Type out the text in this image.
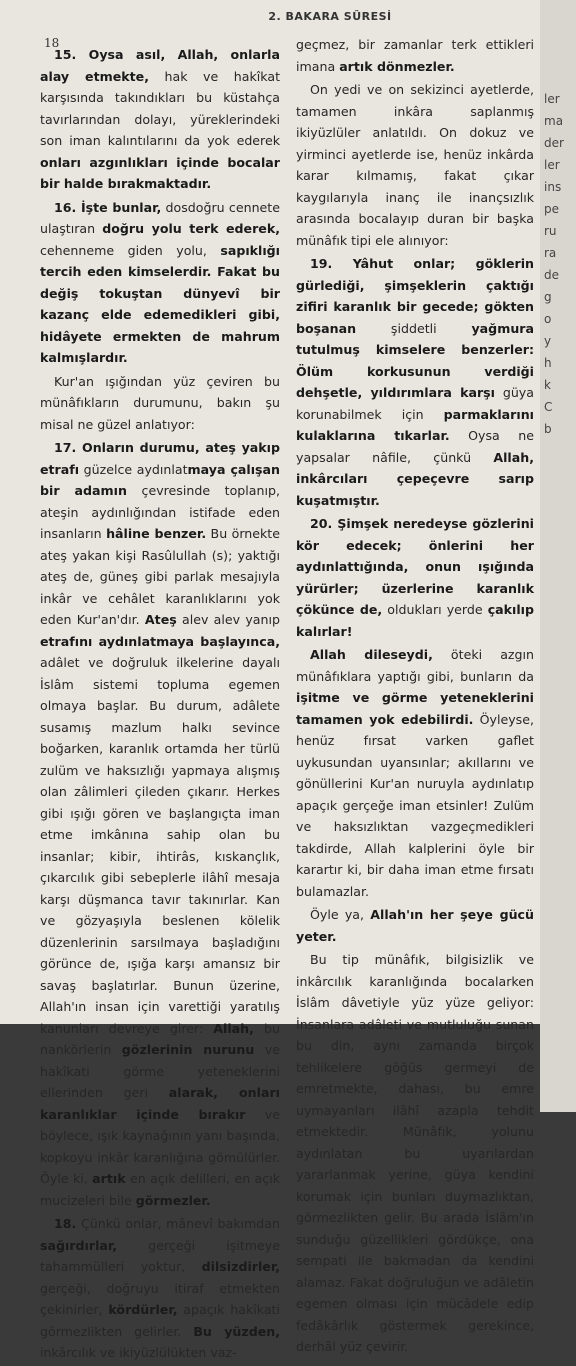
2. BAKARA SÛRESİ
18

15. Oysa asıl, Allah, onlarla alay etmekte, hak ve hakîkat karşısında takındıkları bu küstahça tavırlarından dolayı, yüreklerindeki son iman kalıntılarını da yok ederek onları azgınlıkları içinde bocalar bir halde bırakmaktadır.

16. İşte bunlar, dosdoğru cennete ulaştıran doğru yolu terk ederek, cehenneme giden yolu, sapıklığı tercih eden kimselerdir. Fakat bu değiş tokuştan dünyevî bir kazanç elde edemedikleri gibi, hidâyete ermekten de mahrum kalmışlardır.

Kur'an ışığından yüz çeviren bu münâfıkların durumunu, bakın şu misal ne güzel anlatıyor:

17. Onların durumu, ateş yakıp etrafı güzelce aydınlatmaya çalışan bir adamın çevresinde toplanıp, ateşin aydınlığından istifade eden insanların hâline benzer. Bu örnekte ateş yakan kişi Rasûlullah (s); yaktığı ateş de, güneş gibi parlak mesajıyla inkâr ve cehâlet karanlıklarını yok eden Kur'an'dır. Ateş alev alev yanıp etrafını aydınlatmaya başlayınca, adâlet ve doğruluk ilkelerine dayalı İslâm sistemi topluma egemen olmaya başlar. Bu durum, adâlete susamış mazlum halkı sevince boğarken, karanlık ortamda her türlü zulüm ve haksızlığı yapmaya alışmış olan zâlimleri çileden çıkarır. Herkes gibi ışığı gören ve başlangıçta iman etme imkânına sahip olan bu insanlar; kibir, ihtirâs, kıskançlık, çıkarcılık gibi sebeplerle ilâhî mesaja karşı düşmanca tavır takınırlar. Kan ve gözyaşıyla beslenen kölelik düzenlerinin sarsılmaya başladığını görünce de, ışığa karşı amansız bir savaş başlatırlar. Bunun üzerine, Allah'ın insan için varettiği yaratılış kanunları devreye girer: Allah, bu nankörlerin gözlerinin nurunu ve hakîkati görme yeteneklerini ellerinden geri alarak, onları karanlıklar içinde bırakır ve böylece, ışık kaynağının yanı başında, kopkoyu inkâr karanlığına gömülürler. Öyle ki, artık en açık delilleri, en açık mucizeleri bile görmezler.

18. Çünkü onlar, mânevî bakımdan sağırdırlar, gerçeği işitmeye tahammülleri yoktur, dilsizdirler, gerçeği, doğruyu itiraf etmekten çekinirler, kördürler, apaçık hakîkati görmezlikten gelirler. Bu yüzden, inkârcılık ve ikiyüzlülükten vaz-

geçmez, bir zamanlar terk ettikleri imana artık dönmezler.

On yedi ve on sekizinci ayetlerde, tamamen inkâra saplanmış ikiyüzlüler anlatıldı. On dokuz ve yirminci ayetlerde ise, henüz inkârda karar kılmamış, fakat çıkar kaygılarıyla inanç ile inançsızlık arasında bocalayıp duran bir başka münâfık tipi ele alınıyor:

19. Yâhut onlar; göklerin gürlediği, şimşeklerin çaktığı zifiri karanlık bir gecede; gökten boşanan şiddetli yağmura tutulmuş kimselere benzerler: Ölüm korkusunun verdiği dehşetle, yıldırımlara karşı güya korunabilmek için parmaklarını kulaklarına tıkarlar. Oysa ne yapsalar nâfile, çünkü Allah, inkârcıları çepeçevre sarıp kuşatmıştır.

20. Şimşek neredeyse gözlerini kör edecek; önlerini her aydınlattığında, onun ışığında yürürler; üzerlerine karanlık çökünce de, oldukları yerde çakılıp kalırlar!

Allah dileseydi, öteki azgın münâfıklara yaptığı gibi, bunların da işitme ve görme yeteneklerini tamamen yok edebilirdi. Öyleyse, henüz fırsat varken gaflet uykusundan uyansınlar; akıllarını ve gönüllerini Kur'an nuruyla aydınlatıp apaçık gerçeğe iman etsinler! Zulüm ve haksızlıktan vazgeçmedikleri takdirde, Allah kalplerini öyle bir karartır ki, bir daha iman etme fırsatı bulamazlar.

Öyle ya, Allah'ın her şeye gücü yeter.

Bu tip münâfık, bilgisizlik ve inkârcılık karanlığında bocalarken İslâm dâvetiyle yüz yüze geliyor: İnsanlara adâleti ve mutluluğu sunan bu din, aynı zamanda birçok tehlikelere göğüs germeyi de emretmekte, dahası, bu emre uymayanları ilâhî azapla tehdit etmektedir. Münâfık, yolunu aydınlatan bu uyarılardan yararlanmak yerine, güya kendini korumak için bunları duymazlıktan, görmezlikten gelir. Bu arada İslâm'ın sunduğu güzellikleri gördükçe, ona sempati ile bakmadan da kendini alamaz. Fakat doğruluğun ve adâletin egemen olması için mücâdele edip fedâkârlık göstermek gerekince, derhâl yüz çevirir.

ler
ma
der
ler
ins
pe
ru
ra
de
g
o
y
h
k
C
b
